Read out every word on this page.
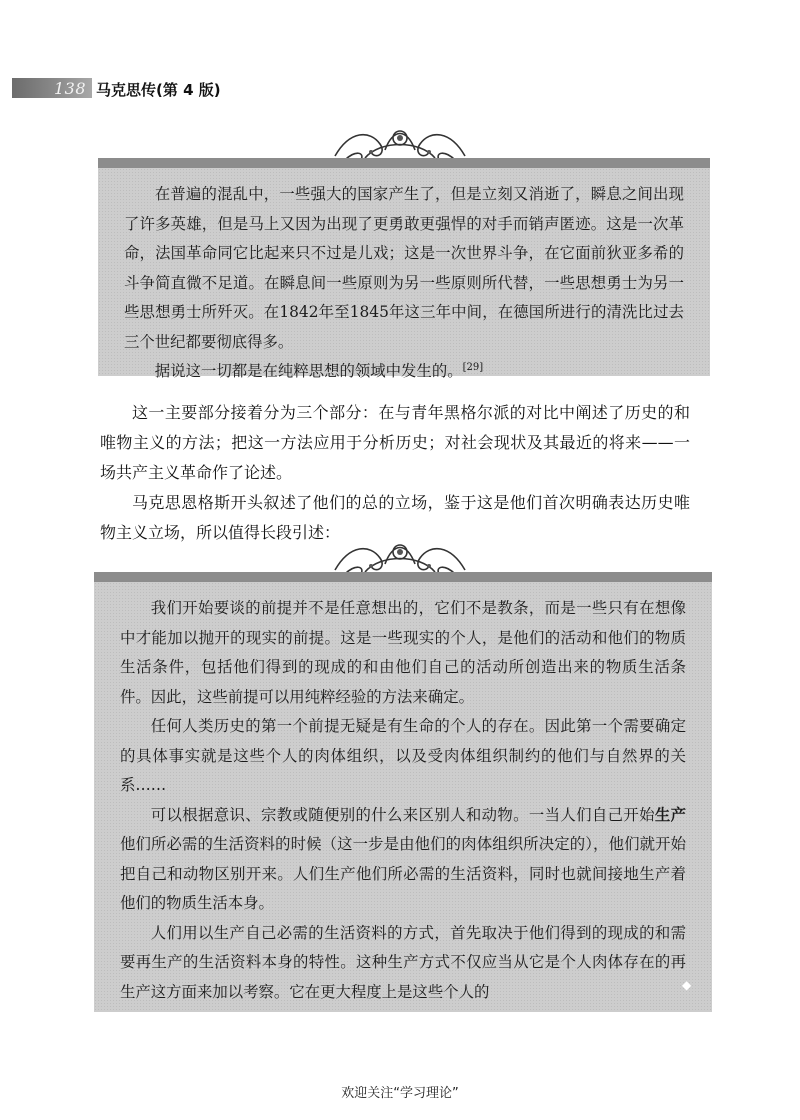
138 马克思传(第 4 版)

在普遍的混乱中，一些强大的国家产生了，但是立刻又消逝了，瞬息之间出现了许多英雄，但是马上又因为出现了更勇敢更强悍的对手而销声匿迹。这是一次革命，法国革命同它比起来只不过是儿戏；这是一次世界斗争，在它面前狄亚多希的斗争简直微不足道。在瞬息间一些原则为另一些原则所代替，一些思想勇士为另一些思想勇士所歼灭。在1842年至1845年这三年中间，在德国所进行的清洗比过去三个世纪都要彻底得多。

据说这一切都是在纯粹思想的领域中发生的。[29]

这一主要部分接着分为三个部分：在与青年黑格尔派的对比中阐述了历史的和唯物主义的方法；把这一方法应用于分析历史；对社会现状及其最近的将来——一场共产主义革命作了论述。

马克思恩格斯开头叙述了他们的总的立场，鉴于这是他们首次明确表达历史唯物主义立场，所以值得长段引述：

我们开始要谈的前提并不是任意想出的，它们不是教条，而是一些只有在想像中才能加以抛开的现实的前提。这是一些现实的个人，是他们的活动和他们的物质生活条件，包括他们得到的现成的和由他们自己的活动所创造出来的物质生活条件。因此，这些前提可以用纯粹经验的方法来确定。

任何人类历史的第一个前提无疑是有生命的个人的存在。因此第一个需要确定的具体事实就是这些个人的肉体组织，以及受肉体组织制约的他们与自然界的关系……

可以根据意识、宗教或随便别的什么来区别人和动物。一当人们自己开始生产他们所必需的生活资料的时候（这一步是由他们的肉体组织所决定的），他们就开始把自己和动物区别开来。人们生产他们所必需的生活资料，同时也就间接地生产着他们的物质生活本身。

人们用以生产自己必需的生活资料的方式，首先取决于他们得到的现成的和需要再生产的生活资料本身的特性。这种生产方式不仅应当从它是个人肉体存在的再生产这方面来加以考察。它在更大程度上是这些个人的	◆
欢迎关注“学习理论”
